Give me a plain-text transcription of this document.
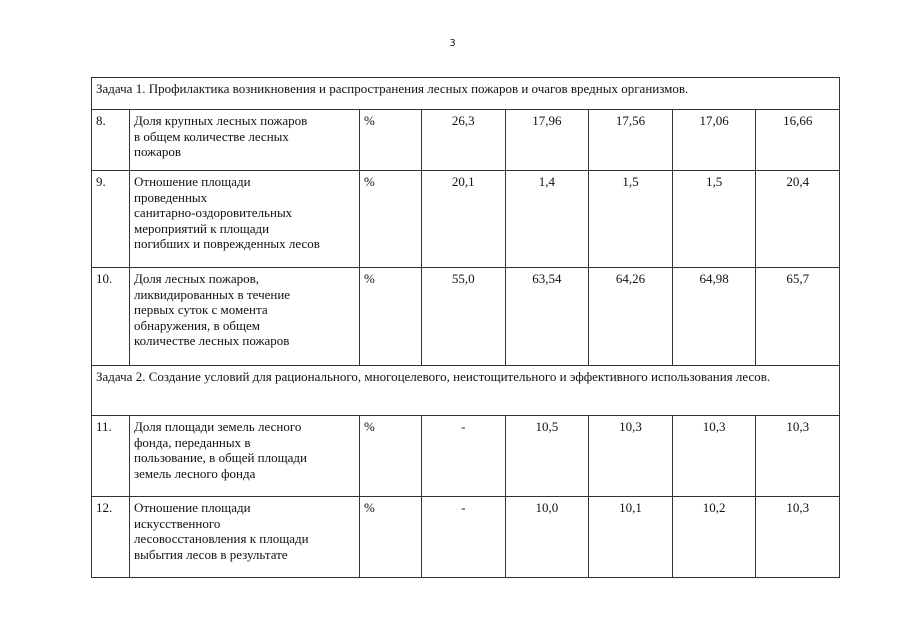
3
Задача 1. Профилактика возникновения и распространения лесных пожаров и очагов вредных организмов.							
8.	Доля крупных лесных пожаров
в общем количестве лесных
пожаров	%	26,3	17,96	17,56	17,06	16,66
9.	Отношение площади
проведенных
санитарно-оздоровительных
мероприятий к площади
погибших и поврежденных лесов	%	20,1	1,4	1,5	1,5	20,4
10.	Доля лесных пожаров,
ликвидированных в течение
первых суток с момента
обнаружения, в общем
количестве лесных пожаров	%	55,0	63,54	64,26	64,98	65,7
Задача 2. Создание условий для рационального, многоцелевого, неистощительного и эффективного использования лесов.							
11.	Доля площади земель лесного
фонда, переданных в
пользование, в общей площади
земель лесного фонда	%	-	10,5	10,3	10,3	10,3
12.	Отношение площади
искусственного
лесовосстановления к площади
выбытия лесов в результате	%	-	10,0	10,1	10,2	10,3
